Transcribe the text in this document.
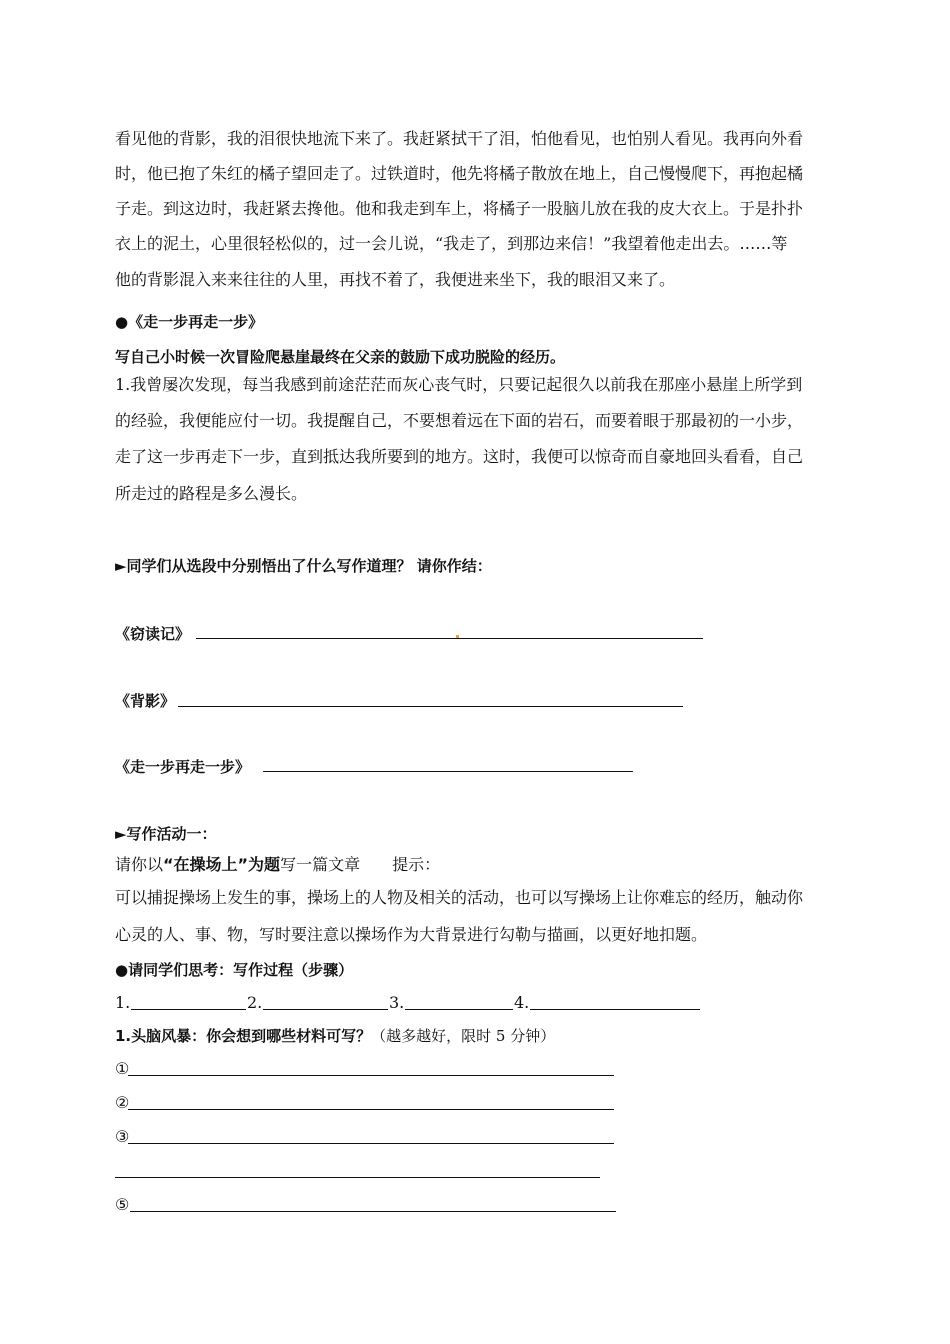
看见他的背影，我的泪很快地流下来了。我赶紧拭干了泪，怕他看见，也怕别人看见。我再向外看
时，他已抱了朱红的橘子望回走了。过铁道时，他先将橘子散放在地上，自己慢慢爬下，再抱起橘
子走。到这边时，我赶紧去搀他。他和我走到车上，将橘子一股脑儿放在我的皮大衣上。于是扑扑
衣上的泥土，心里很轻松似的，过一会儿说，“我走了，到那边来信！”我望着他走出去。……等
他的背影混入来来往往的人里，再找不着了，我便进来坐下，我的眼泪又来了。
●《走一步再走一步》
写自己小时候一次冒险爬悬崖最终在父亲的鼓励下成功脱险的经历。
1.我曾屡次发现，每当我感到前途茫茫而灰心丧气时，只要记起很久以前我在那座小悬崖上所学到
的经验，我便能应付一切。我提醒自己，不要想着远在下面的岩石，而要着眼于那最初的一小步，
走了这一步再走下一步，直到抵达我所要到的地方。这时，我便可以惊奇而自豪地回头看看，自己
所走过的路程是多么漫长。
►同学们从选段中分别悟出了什么写作道理？ 请你作结：
《窃读记》
《背影》
《走一步再走一步》
►写作活动一：
请你以“在操场上”为题写一篇文章　　提示：
可以捕捉操场上发生的事，操场上的人物及相关的活动，也可以写操场上让你难忘的经历，触动你
心灵的人、事、物，写时要注意以操场作为大背景进行勾勒与描画，以更好地扣题。
●请同学们思考：写作过程（步骤）
1.	2.	3.	4.
1.头脑风暴：你会想到哪些材料可写？（越多越好，限时 5 分钟）
①
②
③
⑤
